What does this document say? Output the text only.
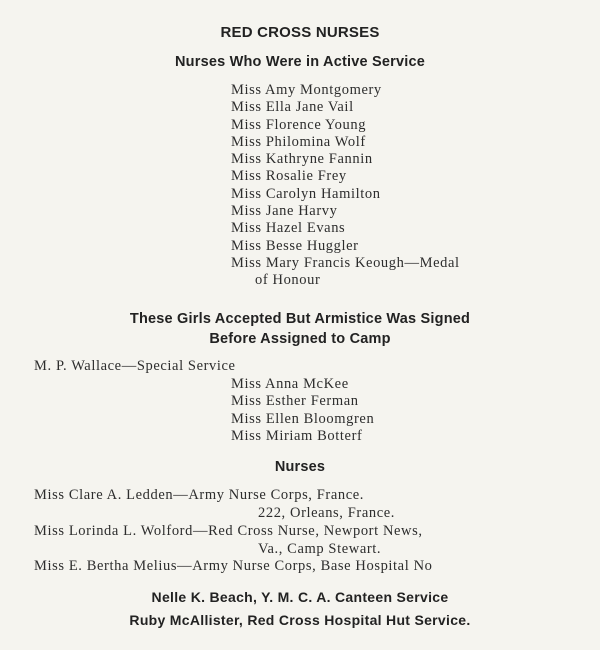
RED CROSS NURSES
Nurses Who Were in Active Service
Miss Amy Montgomery
Miss Ella Jane Vail
Miss Florence Young
Miss Philomina Wolf
Miss Kathryne Fannin
Miss Rosalie Frey
Miss Carolyn Hamilton
Miss Jane Harvy
Miss Hazel Evans
Miss Besse Huggler
Miss Mary Francis Keough—Medal
of Honour
These Girls Accepted But Armistice Was Signed
Before Assigned to Camp
M. P. Wallace—Special Service
Miss Anna McKee
Miss Esther Ferman
Miss Ellen Bloomgren
Miss Miriam Botterf
Nurses
Miss Clare A. Ledden—Army Nurse Corps, France.
222, Orleans, France.
Miss Lorinda L. Wolford—Red Cross Nurse, Newport News,
Va., Camp Stewart.
Miss E. Bertha Melius—Army Nurse Corps, Base Hospital No
Nelle K. Beach, Y. M. C. A. Canteen Service
Ruby McAllister, Red Cross Hospital Hut Service.
